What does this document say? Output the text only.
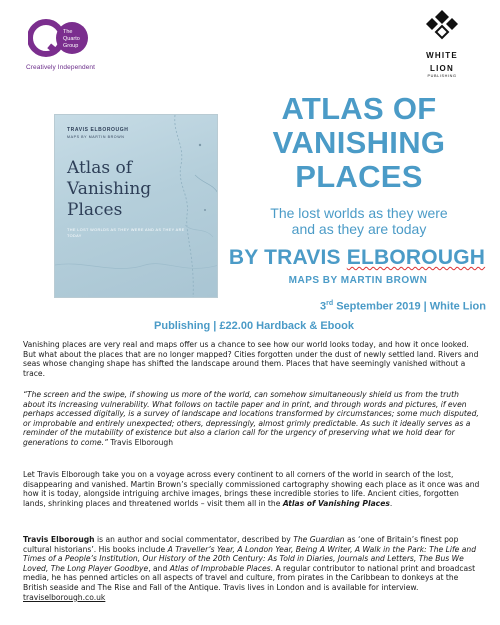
The
Quarto
Group
Creatively Independent
WHITE
LION
PUBLISHING
TRAVIS ELBOROUGH
MAPS BY MARTIN BROWN
Atlas of
Vanishing
Places
THE LOST WORLDS AS THEY WERE AND AS THEY ARE TODAY
ATLAS OF
VANISHING
PLACES
The lost worlds as they were
and as they are today
BY TRAVIS ELBOROUGH
MAPS BY MARTIN BROWN
3rd September 2019 | White Lion
Publishing | £22.00 Hardback & Ebook
Vanishing places are very real and maps offer us a chance to see how our world looks today, and how it once looked. But what about the places that are no longer mapped? Cities forgotten under the dust of newly settled land. Rivers and seas whose changing shape has shifted the landscape around them. Places that have seemingly vanished without a trace.
“The screen and the swipe, if showing us more of the world, can somehow simultaneously shield us from the truth about its increasing vulnerability. What follows on tactile paper and in print, and through words and pictures, if even perhaps accessed digitally, is a survey of landscape and locations transformed by circumstances; some much disputed, or improbable and entirely unexpected; others, depressingly, almost grimly predictable. As such it ideally serves as a reminder of the mutability of existence but also a clarion call for the urgency of preserving what we hold dear for generations to come.” Travis Elborough
Let Travis Elborough take you on a voyage across every continent to all corners of the world in search of the lost, disappearing and vanished. Martin Brown’s specially commissioned cartography showing each place as it once was and how it is today, alongside intriguing archive images, brings these incredible stories to life. Ancient cities, forgotten lands, shrinking places and threatened worlds – visit them all in the Atlas of Vanishing Places.
Travis Elborough is an author and social commentator, described by The Guardian as ‘one of Britain’s finest pop cultural historians’. His books include A Traveller’s Year, A London Year, Being A Writer, A Walk in the Park: The Life and Times of a People’s Institution, Our History of the 20th Century: As Told in Diaries, Journals and Letters, The Bus We Loved, The Long Player Goodbye, and Atlas of Improbable Places. A regular contributor to national print and broadcast media, he has penned articles on all aspects of travel and culture, from pirates in the Caribbean to donkeys at the British seaside and The Rise and Fall of the Antique. Travis lives in London and is available for interview. traviselborough.co.uk
